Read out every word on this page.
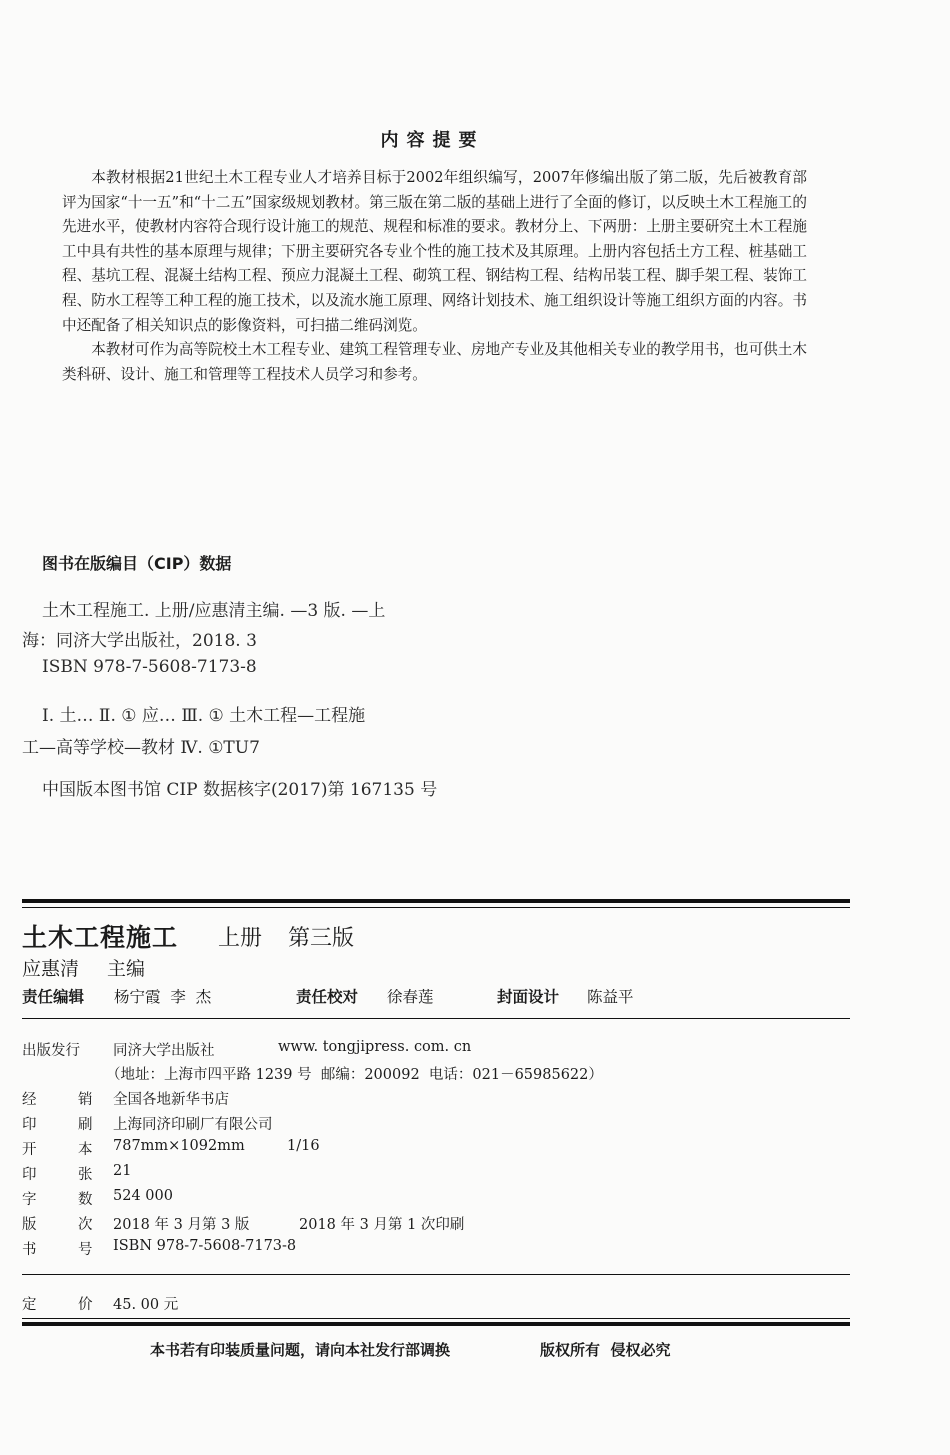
内容提要

本教材根据21世纪土木工程专业人才培养目标于2002年组织编写，2007年修编出版了第二版，先后被教育部评为国家“十一五”和“十二五”国家级规划教材。第三版在第二版的基础上进行了全面的修订，以反映土木工程施工的先进水平，使教材内容符合现行设计施工的规范、规程和标准的要求。教材分上、下两册：上册主要研究土木工程施工中具有共性的基本原理与规律；下册主要研究各专业个性的施工技术及其原理。上册内容包括土方工程、桩基础工程、基坑工程、混凝土结构工程、预应力混凝土工程、砌筑工程、钢结构工程、结构吊装工程、脚手架工程、装饰工程、防水工程等工种工程的施工技术，以及流水施工原理、网络计划技术、施工组织设计等施工组织方面的内容。书中还配备了相关知识点的影像资料，可扫描二维码浏览。

本教材可作为高等院校土木工程专业、建筑工程管理专业、房地产专业及其他相关专业的教学用书，也可供土木类科研、设计、施工和管理等工程技术人员学习和参考。

图书在版编目（CIP）数据
土木工程施工. 上册/应惠清主编. —3 版. —上
海：同济大学出版社，2018. 3
ISBN 978-7-5608-7173-8
Ⅰ. 土… Ⅱ. ① 应… Ⅲ. ① 土木工程—工程施
工—高等学校—教材 Ⅳ. ①TU7
中国版本图书馆 CIP 数据核字(2017)第 167135 号
土木工程施工 上册 第三版
应惠清 主编
责任编辑 杨宁霞  李  杰	责任校对 徐春莲	封面设计 陈益平
出版发行 同济大学出版社	www. tongjipress. com. cn
（地址：上海市四平路 1239 号  邮编：200092  电话：021－65985622）
经	销 全国各地新华书店
印	刷 上海同济印刷厂有限公司
开	本 787mm×1092mm	1/16
印	张 21
字	数 524 000
版	次 2018 年 3 月第 3 版	2018 年 3 月第 1 次印刷
书	号 ISBN 978-7-5608-7173-8
定	价 45. 00 元
本书若有印装质量问题，请向本社发行部调换	版权所有  侵权必究
